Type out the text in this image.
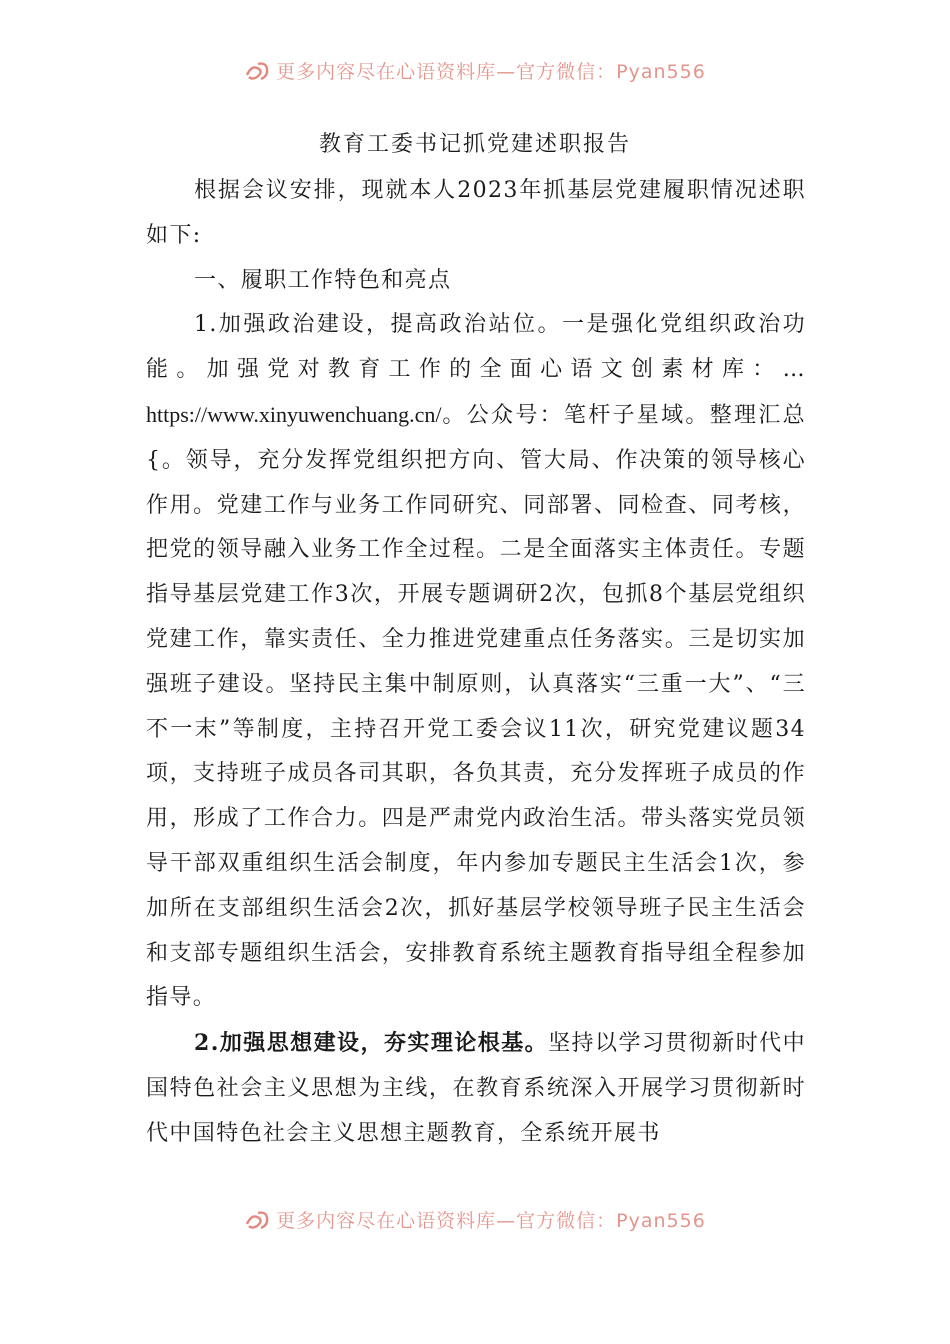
更多内容尽在心语资料库—官方微信：Pyan556
教育工委书记抓党建述职报告

根据会议安排，现就本人2023年抓基层党建履职情况述职如下:

一、履职工作特色和亮点

1.加强政治建设，提高政治站位。一是强化党组织政治功能。加强党对教育工作的全面心语文创素材库：…https://www.xinyuwenchuang.cn/。公众号：笔杆子星域。整理汇总{。领导，充分发挥党组织把方向、管大局、作决策的领导核心作用。党建工作与业务工作同研究、同部署、同检查、同考核，把党的领导融入业务工作全过程。二是全面落实主体责任。专题指导基层党建工作3次，开展专题调研2次，包抓8个基层党组织党建工作，靠实责任、全力推进党建重点任务落实。三是切实加强班子建设。坚持民主集中制原则，认真落实“三重一大”、“三不一末”等制度，主持召开党工委会议11次，研究党建议题34项，支持班子成员各司其职，各负其责，充分发挥班子成员的作用，形成了工作合力。四是严肃党内政治生活。带头落实党员领导干部双重组织生活会制度，年内参加专题民主生活会1次，参加所在支部组织生活会2次，抓好基层学校领导班子民主生活会和支部专题组织生活会，安排教育系统主题教育指导组全程参加指导。

2.加强思想建设，夯实理论根基。坚持以学习贯彻新时代中国特色社会主义思想为主线，在教育系统深入开展学习贯彻新时代中国特色社会主义思想主题教育，全系统开展书

更多内容尽在心语资料库—官方微信：Pyan556
